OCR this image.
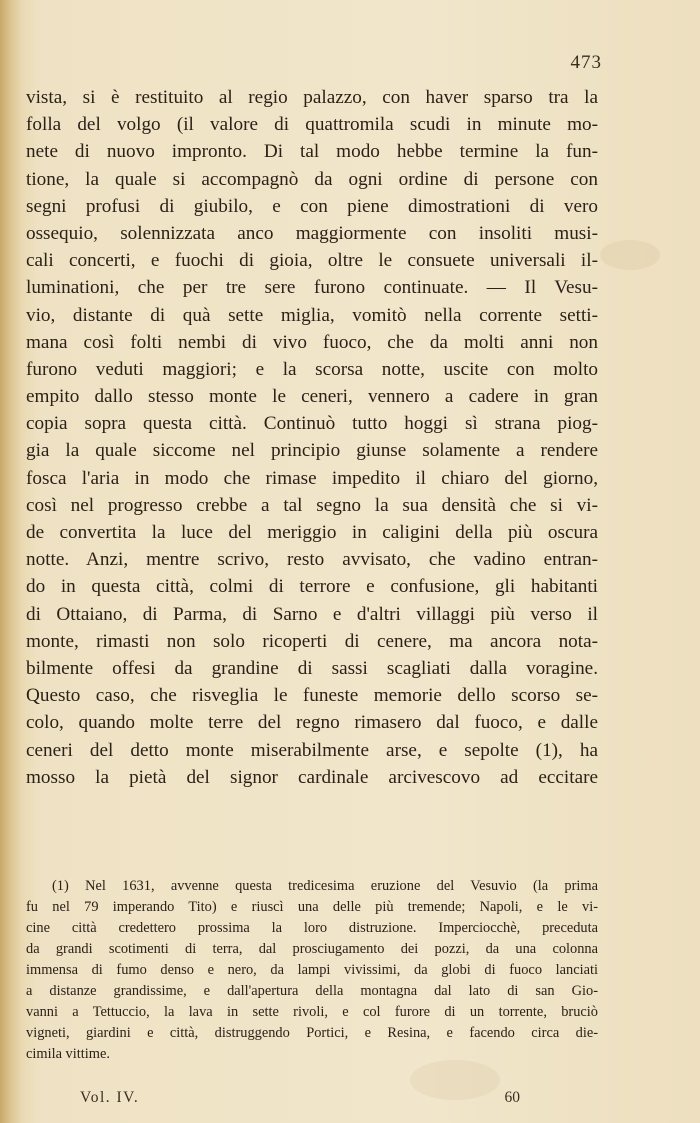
473
vista, si è restituito al regio palazzo, con haver sparso tra la
folla del volgo (il valore di quattromila scudi in minute mo-
nete di nuovo impronto. Di tal modo hebbe termine la fun-
tione, la quale si accompagnò da ogni ordine di persone con
segni profusi di giubilo, e con piene dimostrationi di vero
ossequio, solennizzata anco maggiormente con insoliti musi-
cali concerti, e fuochi di gioia, oltre le consuete universali il-
luminationi, che per tre sere furono continuate. — Il Vesu-
vio, distante di quà sette miglia, vomitò nella corrente setti-
mana così folti nembi di vivo fuoco, che da molti anni non
furono veduti maggiori; e la scorsa notte, uscite con molto
empito dallo stesso monte le ceneri, vennero a cadere in gran
copia sopra questa città. Continuò tutto hoggi sì strana piog-
gia la quale siccome nel principio giunse solamente a rendere
fosca l'aria in modo che rimase impedito il chiaro del giorno,
così nel progresso crebbe a tal segno la sua densità che si vi-
de convertita la luce del meriggio in caligini della più oscura
notte. Anzi, mentre scrivo, resto avvisato, che vadino entran-
do in questa città, colmi di terrore e confusione, gli habitanti
di Ottaiano, di Parma, di Sarno e d'altri villaggi più verso il
monte, rimasti non solo ricoperti di cenere, ma ancora nota-
bilmente offesi da grandine di sassi scagliati dalla voragine.
Questo caso, che risveglia le funeste memorie dello scorso se-
colo, quando molte terre del regno rimasero dal fuoco, e dalle
ceneri del detto monte miserabilmente arse, e sepolte (1), ha
mosso la pietà del signor cardinale arcivescovo ad eccitare
(1) Nel 1631, avvenne questa tredicesima eruzione del Vesuvio (la prima
fu nel 79 imperando Tito) e riuscì una delle più tremende; Napoli, e le vi-
cine città credettero prossima la loro distruzione. Imperciocchè, preceduta
da grandi scotimenti di terra, dal prosciugamento dei pozzi, da una colonna
immensa di fumo denso e nero, da lampi vivissimi, da globi di fuoco lanciati
a distanze grandissime, e dall'apertura della montagna dal lato di san Gio-
vanni a Tettuccio, la lava in sette rivoli, e col furore di un torrente, bruciò
vigneti, giardini e città, distruggendo Portici, e Resina, e facendo circa die-
cimila vittime.
Vol. IV.	60
